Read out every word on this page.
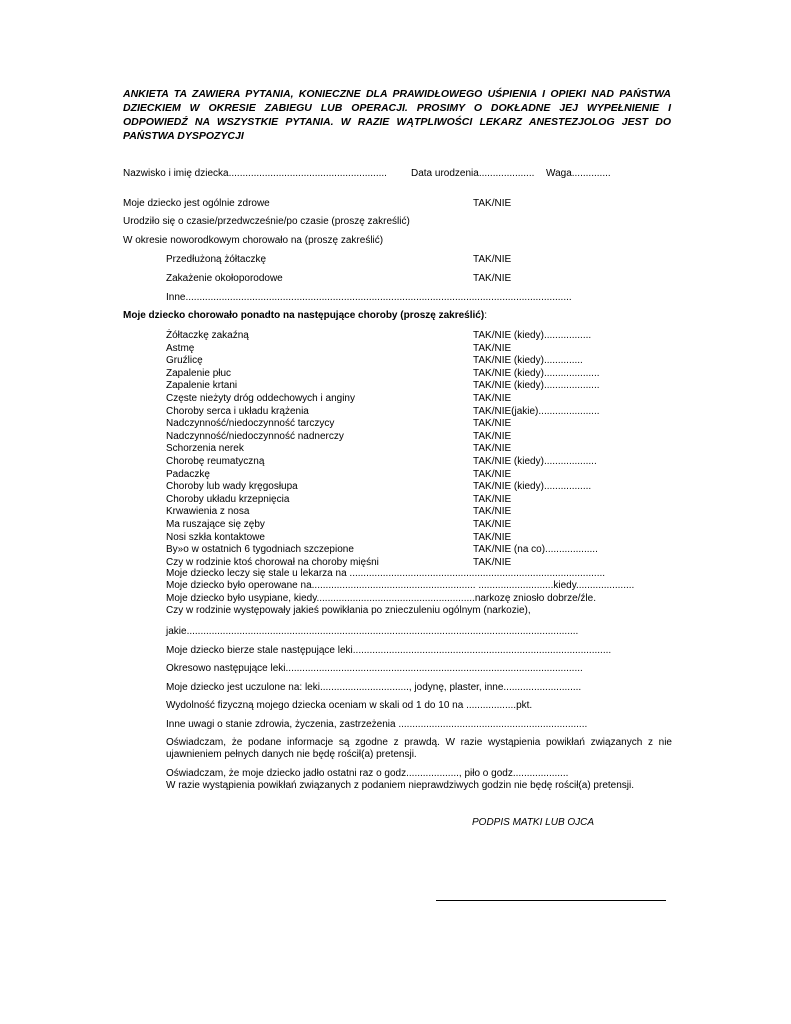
ANKIETA TA ZAWIERA PYTANIA, KONIECZNE DLA PRAWIDŁOWEGO UŚPIENIA I OPIEKI NAD PAŃSTWA DZIECKIEM W OKRESIE ZABIEGU LUB OPERACJI. PROSIMY O DOKŁADNE JEJ WYPEŁNIENIE I ODPOWIEDŹ NA WSZYSTKIE PYTANIA. W RAZIE WĄTPLIWOŚCI LEKARZ ANESTEZJOLOG JEST DO PAŃSTWA DYSPOZYCJI
Nazwisko i imię dziecka......................................................... Data urodzenia.................... Waga..............
Moje dziecko jest ogólnie zdrowe	TAK/NIE
Urodziło się o czasie/przedwcześnie/po czasie (proszę zakreślić)
W okresie noworodkowym chorowało na (proszę zakreślić)
Przedłużoną żółtaczkę	TAK/NIE
Zakażenie okołoporodowe	TAK/NIE
Inne...........................................................................................................................................
Moje dziecko chorowało ponadto na następujące choroby (proszę zakreślić):
Żółtaczkę zakaźną	TAK/NIE (kiedy).................
Astmę	TAK/NIE
Gruźlicę	TAK/NIE (kiedy)..............
Zapalenie płuc	TAK/NIE (kiedy)....................
Zapalenie krtani	TAK/NIE (kiedy)....................
Częste nieżyty dróg oddechowych i anginy	TAK/NIE
Choroby serca i układu krążenia	TAK/NIE(jakie)......................
Nadczynność/niedoczynność tarczycy	TAK/NIE
Nadczynność/niedoczynność nadnerczy	TAK/NIE
Schorzenia nerek	TAK/NIE
Chorobę reumatyczną	TAK/NIE (kiedy)...................
Padaczkę	TAK/NIE
Choroby lub wady kręgosłupa	TAK/NIE (kiedy).................
Choroby układu krzepnięcia	TAK/NIE
Krwawienia z nosa	TAK/NIE
Ma ruszające się zęby	TAK/NIE
Nosi szkła kontaktowe	TAK/NIE
By»o w ostatnich 6 tygodniach szczepione	TAK/NIE (na co)...................
Czy w rodzinie ktoś chorował na choroby mięśni	TAK/NIE
Moje dziecko leczy się stale u lekarza na ............................................................................................
Moje dziecko było operowane na........................................................... ...........................kiedy.....................
Moje dziecko było usypiane, kiedy.........................................................narkozę zniosło dobrze/źle.
Czy w rodzinie występowały jakieś powikłania po znieczuleniu ogólnym (narkozie),
jakie.............................................................................................................................................
Moje dziecko bierze stale następujące leki.............................................................................................
Okresowo następujące leki...........................................................................................................
Moje dziecko jest uczulone na: leki................................, jodynę, plaster, inne............................
Wydolność fizyczną mojego dziecka oceniam w skali od 1 do 10 na ..................pkt.
Inne uwagi o stanie zdrowia, życzenia, zastrzeżenia ....................................................................
Oświadczam, że podane informacje są zgodne z prawdą. W razie wystąpienia powikłań związanych z nie ujawnieniem pełnych danych nie będę rościł(a) pretensji.
Oświadczam, że moje dziecko jadło ostatni raz o godz..................., piło o godz....................
W razie wystąpienia powikłań związanych z podaniem nieprawdziwych godzin nie będę rościł(a) pretensji.
PODPIS MATKI LUB OJCA
